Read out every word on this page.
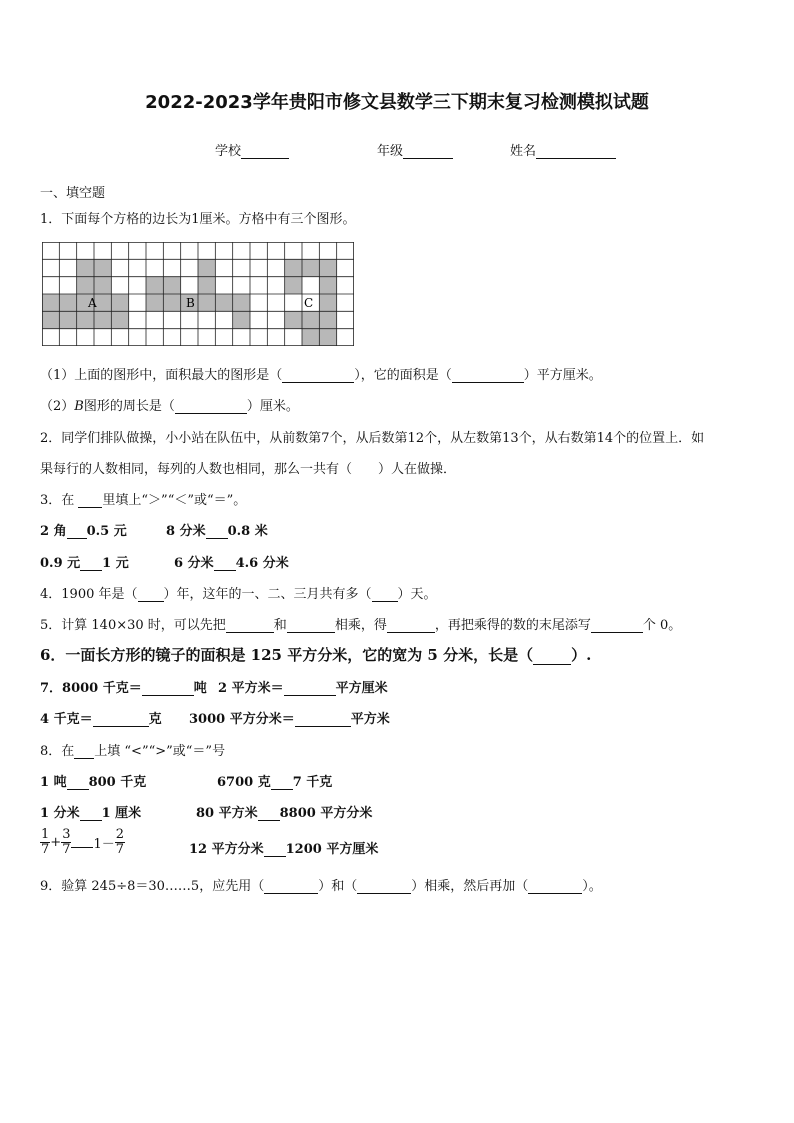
2022-2023学年贵阳市修文县数学三下期末复习检测模拟试题
学校	年级	姓名
一、填空题
1．下面每个方格的边长为1厘米。方格中有三个图形。
A	B	C
（1）上面的图形中，面积最大的图形是（	），它的面积是（	）平方厘米。
（2）B图形的周长是（	）厘米。
2．同学们排队做操，小小站在队伍中，从前数第7个，从后数第12个，从左数第13个，从右数第14个的位置上．如
果每行的人数相同，每列的人数也相同，那么一共有（　　）人在做操．
3．在 里填上“＞”“＜”或“＝”。
2 角 0.5 元	8 分米 0.8 米
0.9 元 1 元	6 分米 4.6 分米
4．1900 年是（ ）年，这年的一、二、三月共有多（ ）天。
5．计算 140×30 时，可以先把	和	相乘，得	，再把乘得的数的末尾添写	个 0。
6．一面长方形的镜子的面积是 125 平方分米，它的宽为 5 分米，长是（	）.
7．8000 千克＝	吨 2 平方米＝	平方厘米
4 千克＝	克 3000 平方分米＝	平方米
8．在 上填 “<”“>”或“＝”号
1 吨 800 千克	6700 克 7 千克
1 分米 1 厘米	80 平方米 8800 平方分米
$\frac{1}{7} + \frac{3}{7} 1- \frac{2}{7}$	12 平方分米 1200 平方厘米
9．验算 245÷8＝30……5，应先用（	）和（	）相乘，然后再加（	）。
